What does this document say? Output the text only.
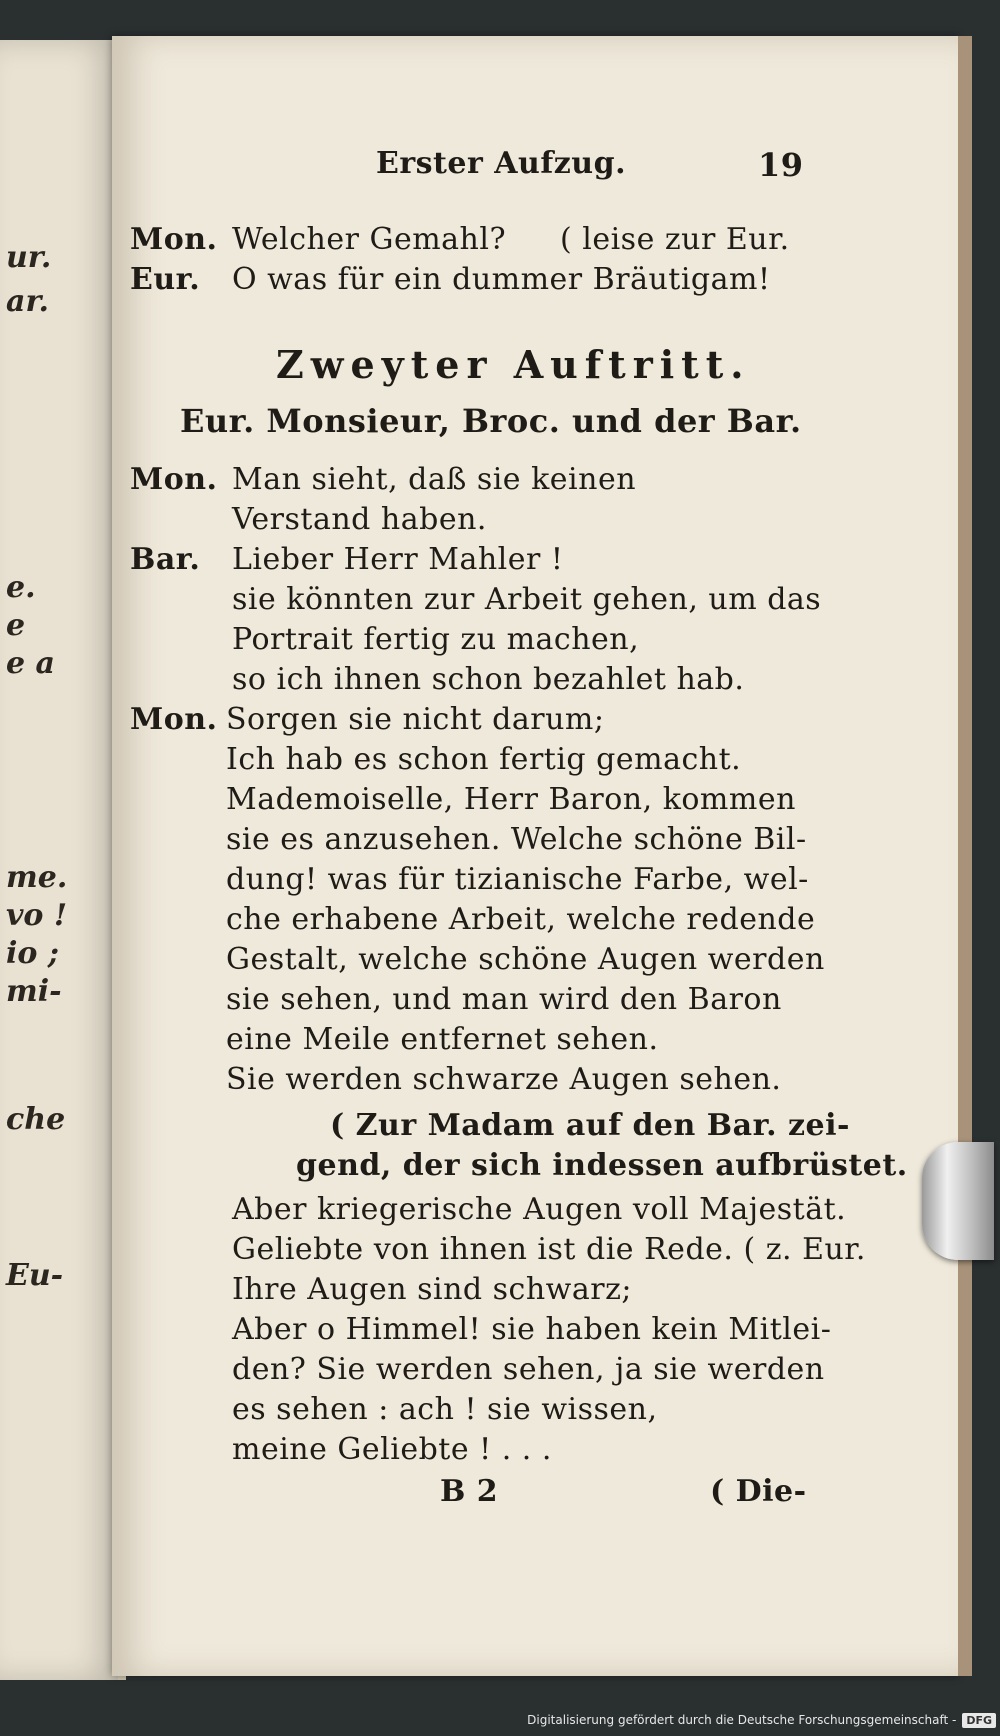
ur.
ar.
e.
e
e a
me.
vo !
io ;
mi-
che
Eu-
Erster Aufzug.	19
Mon. Welcher Gemahl? ( leise zur Eur.
Eur. O was für ein dummer Bräutigam!
Zweyter Auftritt.
Eur. Monsieur, Broc. und der Bar.
Mon. Man sieht, daß sie keinen
Verstand haben.
Bar. Lieber Herr Mahler !
sie könnten zur Arbeit gehen, um das
Portrait fertig zu machen,
so ich ihnen schon bezahlet hab.
Mon. Sorgen sie nicht darum;
Ich hab es schon fertig gemacht.
Mademoiselle, Herr Baron, kommen
sie es anzusehen. Welche schöne Bil-
dung! was für tizianische Farbe, wel-
che erhabene Arbeit, welche redende
Gestalt, welche schöne Augen werden
sie sehen, und man wird den Baron
eine Meile entfernet sehen.
Sie werden schwarze Augen sehen.
( Zur Madam auf den Bar. zei-
gend, der sich indessen aufbrüstet.
Aber kriegerische Augen voll Majestät.
Geliebte von ihnen ist die Rede. ( z. Eur.
Ihre Augen sind schwarz;
Aber o Himmel! sie haben kein Mitlei-
den? Sie werden sehen, ja sie werden
es sehen : ach ! sie wissen,
meine Geliebte ! . . .
B 2	( Die-
Digitalisierung gefördert durch die Deutsche Forschungsgemeinschaft - DFG
